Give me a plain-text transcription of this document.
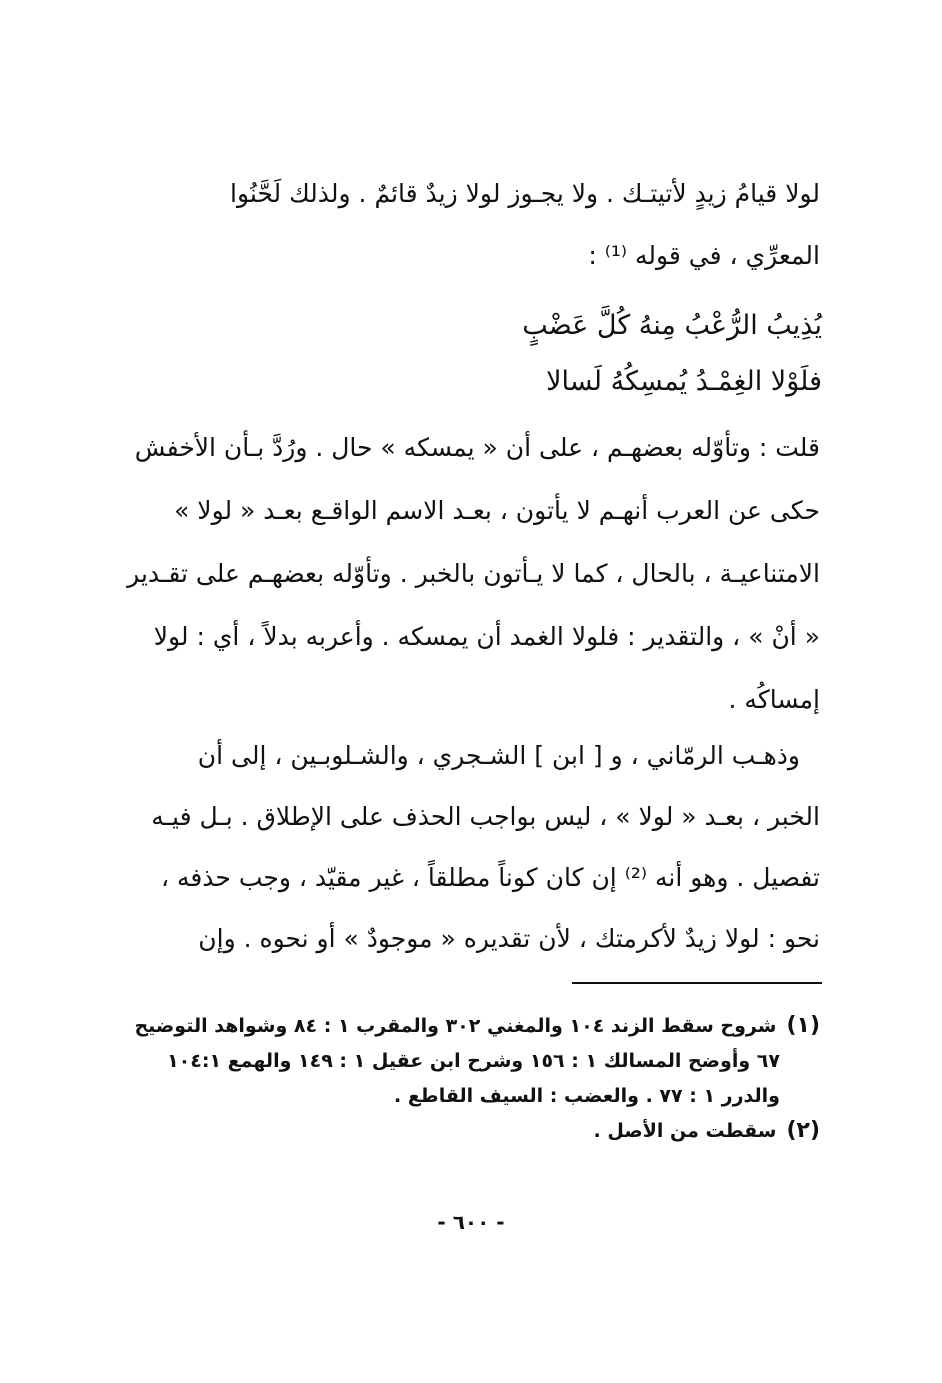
لولا قيامُ زيدٍ لأتيتـك . ولا يجـوز لولا زيدٌ قائمٌ . ولذلك لَحَّنُوا
المعرِّي ، في قوله ⁽¹⁾ :
يُذِيبُ الرُّعْبُ مِنهُ كُلَّ عَضْبٍ
فلَوْلا الغِمْـدُ يُمسِكُهُ لَسالا
قلت : وتأوّله بعضهـم ، على أن « يمسكه » حال . ورُدَّ بـأن الأخفش
حكى عن العرب أنهـم لا يأتون ، بعـد الاسم الواقـع بعـد « لولا »
الامتناعيـة ، بالحال ، كما لا يـأتون بالخبر . وتأوّله بعضهـم على تقـدير
« أنْ » ، والتقدير : فلولا الغمد أن يمسكه . وأعربه بدلاً ، أي : لولا
إمساكُه .
وذهـب الرمّاني ، و [ ابن ] الشـجري ، والشـلوبـين ، إلى أن
الخبر ، بعـد « لولا » ، ليس بواجب الحذف على الإطلاق . بـل فيـه
تفصيل . وهو أنه ⁽²⁾ إن كان كوناً مطلقاً ، غير مقيّد ، وجب حذفه ،
نحو : لولا زيدٌ لأكرمتك ، لأن تقديره « موجودٌ » أو نحوه . وإن
(١)شروح سقط الزند ١٠٤ والمغني ٣٠٢ والمقرب ١ : ٨٤ وشواهد التوضيح
٦٧ وأوضح المسالك ١ : ١٥٦ وشرح ابن عقيل ١ : ١٤٩ والهمع ١٠٤:١
والدرر ١ : ٧٧ . والعضب : السيف القاطع .
(٢)سقطت من الأصل .
- ٦٠٠ -
